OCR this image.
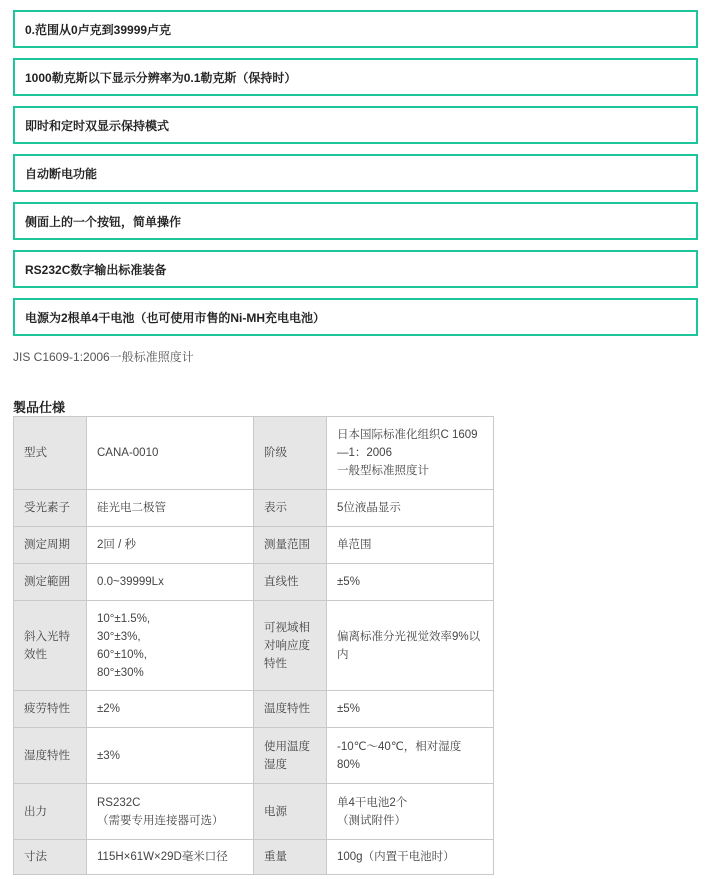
0.范围从0卢克到39999卢克
1000勒克斯以下显示分辨率为0.1勒克斯（保持时）
即时和定时双显示保持模式
自动断电功能
侧面上的一个按钮，简单操作
RS232C数字输出标准装备
电源为2根单4干电池（也可使用市售的Ni-MH充电电池）
JIS C1609-1:2006一般标准照度计
製品仕様
型式	CANA-0010	阶级	日本国际标准化组织C 1609—1：2006
一般型标准照度计
受光素子	硅光电二极管	表示	5位液晶显示
测定周期	2回 / 秒	测量范围	单范围
测定範囲	0.0~39999Lx	直线性	±5%
斜入光特效性	10°±1.5%,
30°±3%,
60°±10%,
80°±30%	可视域相对响应度特性	偏离标准分光视觉效率9%以内
疲劳特性	±2%	温度特性	±5%
湿度特性	±3%	使用温度湿度	-10℃～40℃，相对湿度80%
出力	RS232C
（需要专用连接器可选）	电源	单4干电池2个
（测试附件）
寸法	115H×61W×29D毫米口径	重量	100g（内置干电池时）
